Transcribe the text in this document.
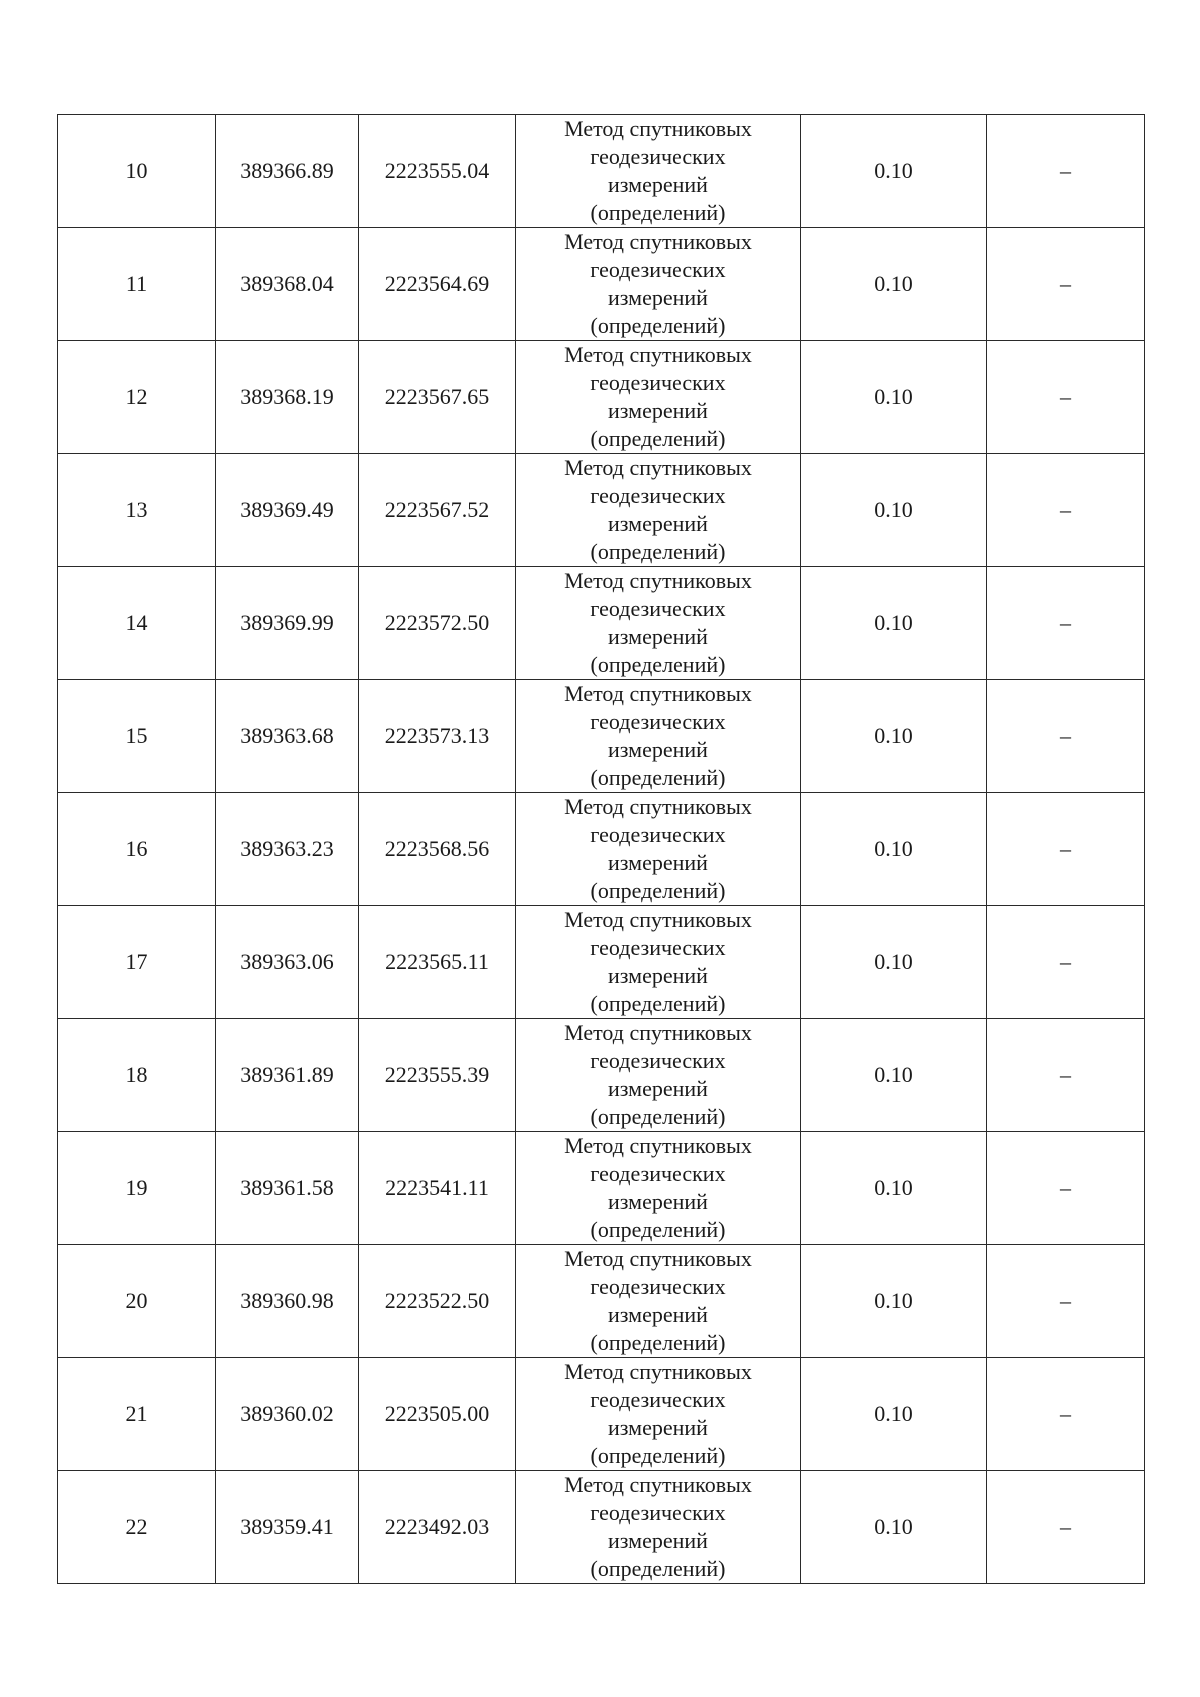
10	389366.89	2223555.04	Метод спутниковых
геодезических
измерений
(определений)	0.10	–
11	389368.04	2223564.69	Метод спутниковых
геодезических
измерений
(определений)	0.10	–
12	389368.19	2223567.65	Метод спутниковых
геодезических
измерений
(определений)	0.10	–
13	389369.49	2223567.52	Метод спутниковых
геодезических
измерений
(определений)	0.10	–
14	389369.99	2223572.50	Метод спутниковых
геодезических
измерений
(определений)	0.10	–
15	389363.68	2223573.13	Метод спутниковых
геодезических
измерений
(определений)	0.10	–
16	389363.23	2223568.56	Метод спутниковых
геодезических
измерений
(определений)	0.10	–
17	389363.06	2223565.11	Метод спутниковых
геодезических
измерений
(определений)	0.10	–
18	389361.89	2223555.39	Метод спутниковых
геодезических
измерений
(определений)	0.10	–
19	389361.58	2223541.11	Метод спутниковых
геодезических
измерений
(определений)	0.10	–
20	389360.98	2223522.50	Метод спутниковых
геодезических
измерений
(определений)	0.10	–
21	389360.02	2223505.00	Метод спутниковых
геодезических
измерений
(определений)	0.10	–
22	389359.41	2223492.03	Метод спутниковых
геодезических
измерений
(определений)	0.10	–
